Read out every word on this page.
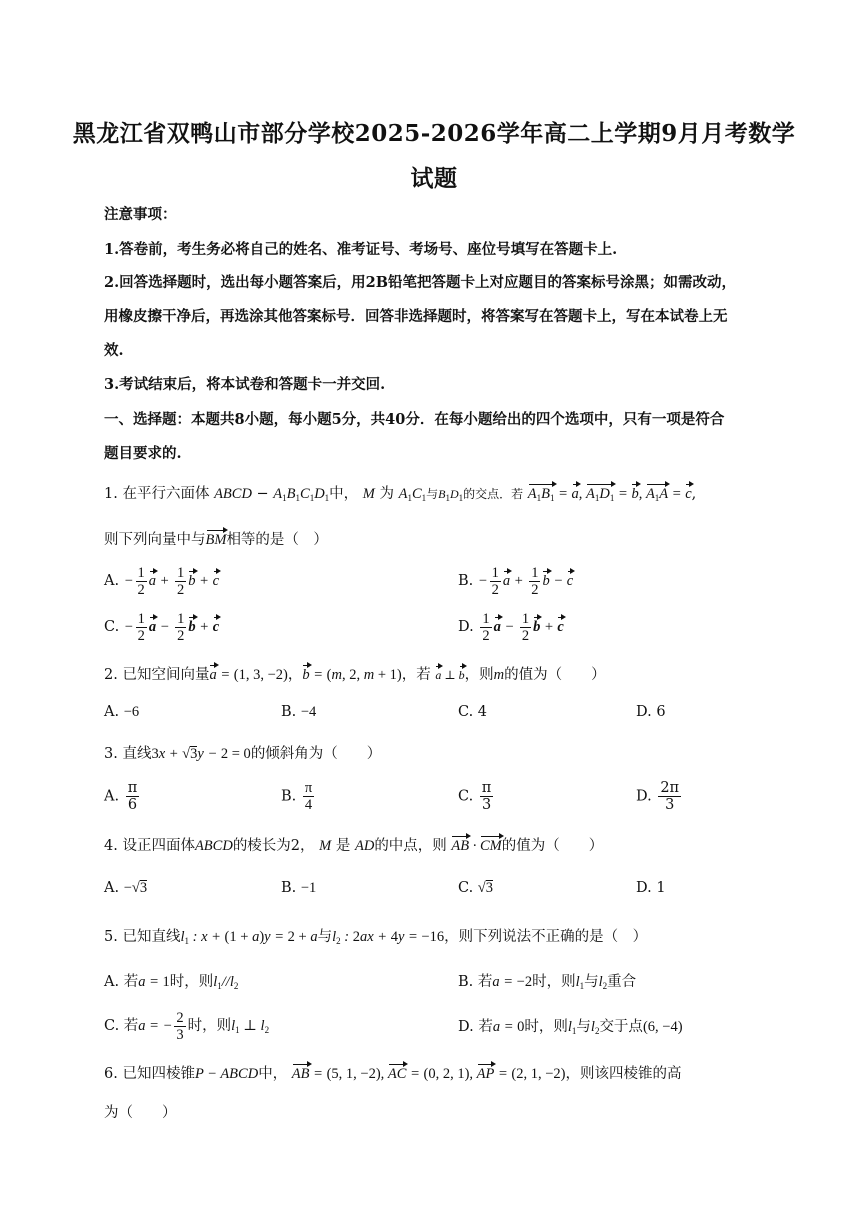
黑龙江省双鸭山市部分学校2025-2026学年高二上学期9月月考数学
试题
注意事项：
1.答卷前，考生务必将自己的姓名、准考证号、考场号、座位号填写在答题卡上.
2.回答选择题时，选出每小题答案后，用2B铅笔把答题卡上对应题目的答案标号涂黑；如需改动，
用橡皮擦干净后，再选涂其他答案标号．回答非选择题时，将答案写在答题卡上，写在本试卷上无
效.
3.考试结束后，将本试卷和答题卡一并交回.
一、选择题：本题共8小题，每小题5分，共40分．在每小题给出的四个选项中，只有一项是符合
题目要求的.
1. 在平行六面体 ABCD − $A_1B_1C_1D_1$中， M 为 $A_1C_1$与$B_1D_1$的交点．若 $A_1B_1 = a$, $A_1D_1 = b$, $A_1A = c$,
则下列向量中与BM相等的是（　）
A. − $\frac{1}{2}$ $a + \frac{1}{2}$ b + c	B. − $\frac{1}{2}$ $a + \frac{1}{2}$ b − c
C. − $\frac{1}{2}$ $a - \frac{1}{2}$ b + c	D. $\frac{1}{2}$ $a - \frac{1}{2}$ b + c
2. 已知空间向量a = (1, 3, −2)，b = (m, 2, m + 1)，若 a ⊥ b，则m的值为（　　）
A. −6	B. −4	C. 4	D. 6
3. 直线3x + √3y − 2 = 0的倾斜角为（　　）
A. $\frac{\pi}{6}$	B. $\frac{\pi}{4}$	C. $\frac{\pi}{3}$	D. $\frac{2\pi}{3}$
4. 设正四面体ABCD的棱长为2， M 是 AD的中点，则 AB · CM的值为（　　）
A. −√3	B. −1	C. √3	D. 1
5. 已知直线$l_1$ : x + (1 + a)y = 2 + a与$l_2$ : 2ax + 4y = −16，则下列说法不正确的是（　）
A. 若a = 1时，则$l_1//l_2$	B. 若a = −2时，则$l_1$与$l_2$重合
C. 若a = − $\frac{2}{3}$ 时，则$l_1$ ⊥ $l_2$	D. 若a = 0时，则$l_1$与$l_2$交于点(6, −4)
6. 已知四棱锥P − ABCD中， AB = (5, 1, −2), AC = (0, 2, 1), AP = (2, 1, −2)，则该四棱锥的高
为（　　）
